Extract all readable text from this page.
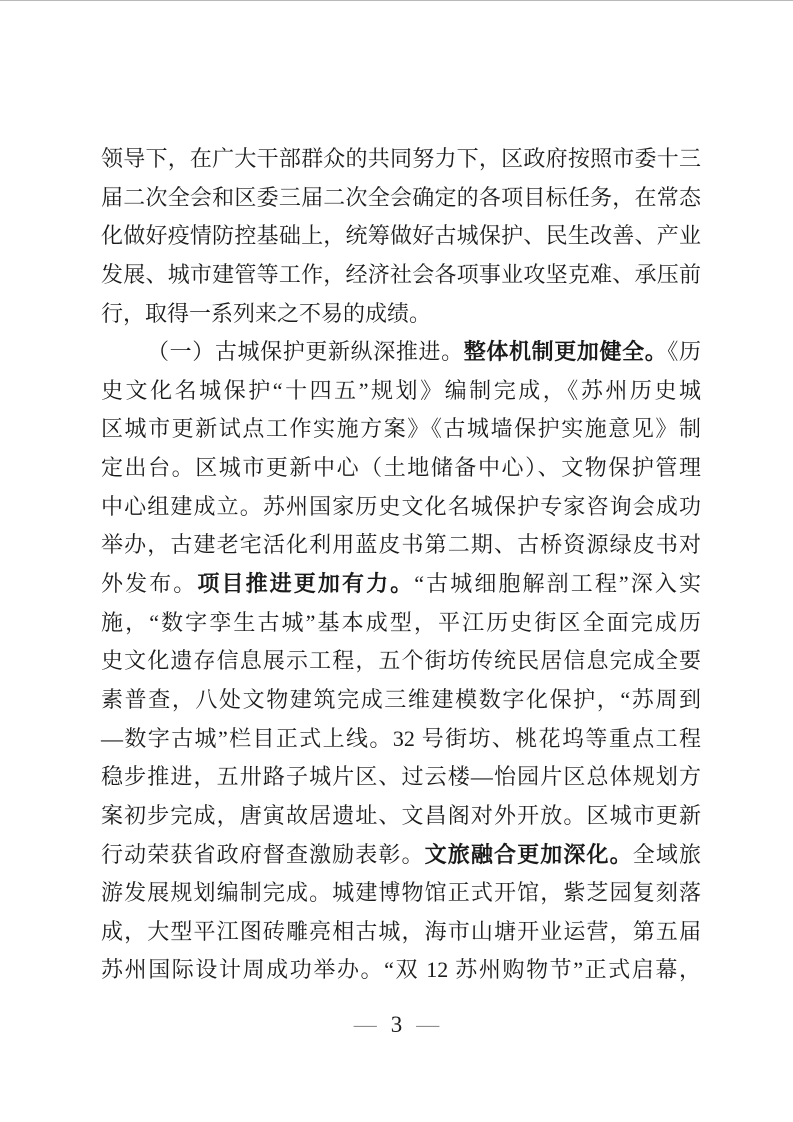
领导下，在广大干部群众的共同努力下，区政府按照市委十三
届二次全会和区委三届二次全会确定的各项目标任务，在常态
化做好疫情防控基础上，统筹做好古城保护、民生改善、产业
发展、城市建管等工作，经济社会各项事业攻坚克难、承压前
行，取得一系列来之不易的成绩。
（一）古城保护更新纵深推进。整体机制更加健全。《历
史文化名城保护“十四五”规划》编制完成，《苏州历史城
区城市更新试点工作实施方案》《古城墙保护实施意见》制
定出台。区城市更新中心（土地储备中心）、文物保护管理
中心组建成立。苏州国家历史文化名城保护专家咨询会成功
举办，古建老宅活化利用蓝皮书第二期、古桥资源绿皮书对
外发布。项目推进更加有力。“古城细胞解剖工程”深入实
施，“数字孪生古城”基本成型，平江历史街区全面完成历
史文化遗存信息展示工程，五个街坊传统民居信息完成全要
素普查，八处文物建筑完成三维建模数字化保护，“苏周到
—数字古城”栏目正式上线。32 号街坊、桃花坞等重点工程
稳步推进，五卅路子城片区、过云楼—怡园片区总体规划方
案初步完成，唐寅故居遗址、文昌阁对外开放。区城市更新
行动荣获省政府督查激励表彰。文旅融合更加深化。全域旅
游发展规划编制完成。城建博物馆正式开馆，紫芝园复刻落
成，大型平江图砖雕亮相古城，海市山塘开业运营，第五届
苏州国际设计周成功举办。“双 12 苏州购物节”正式启幕，
— 3 —
